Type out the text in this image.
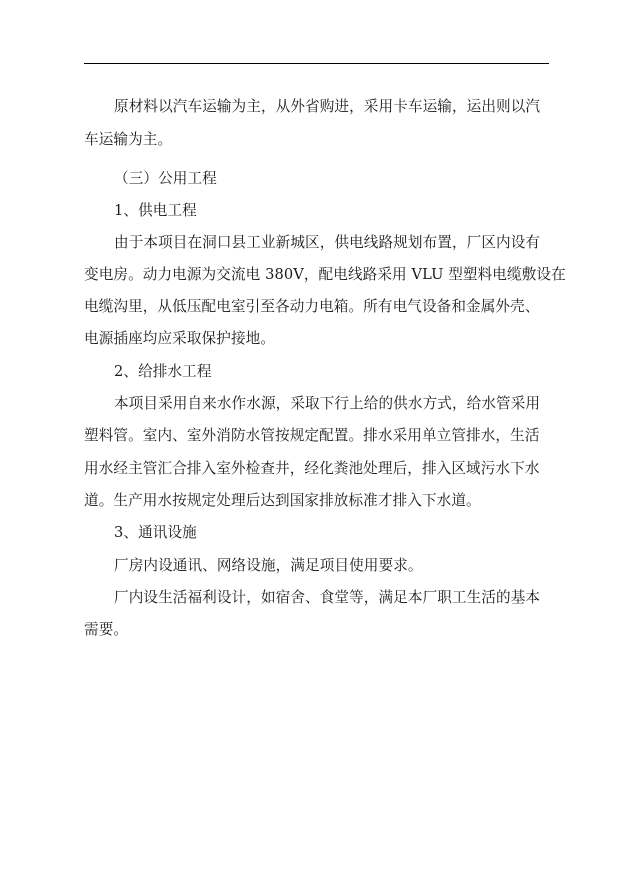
原材料以汽车运输为主，从外省购进，采用卡车运输，运出则以汽
车运输为主。
（三）公用工程
1、供电工程
由于本项目在洞口县工业新城区，供电线路规划布置，厂区内设有
变电房。动力电源为交流电 380V，配电线路采用 VLU 型塑料电缆敷设在
电缆沟里，从低压配电室引至各动力电箱。所有电气设备和金属外壳、
电源插座均应采取保护接地。
2、给排水工程
本项目采用自来水作水源，采取下行上给的供水方式，给水管采用
塑料管。室内、室外消防水管按规定配置。排水采用单立管排水，生活
用水经主管汇合排入室外检查井，经化粪池处理后，排入区域污水下水
道。生产用水按规定处理后达到国家排放标准才排入下水道。
3、通讯设施
厂房内设通讯、网络设施，满足项目使用要求。
厂内设生活福利设计，如宿舍、食堂等，满足本厂职工生活的基本
需要。
